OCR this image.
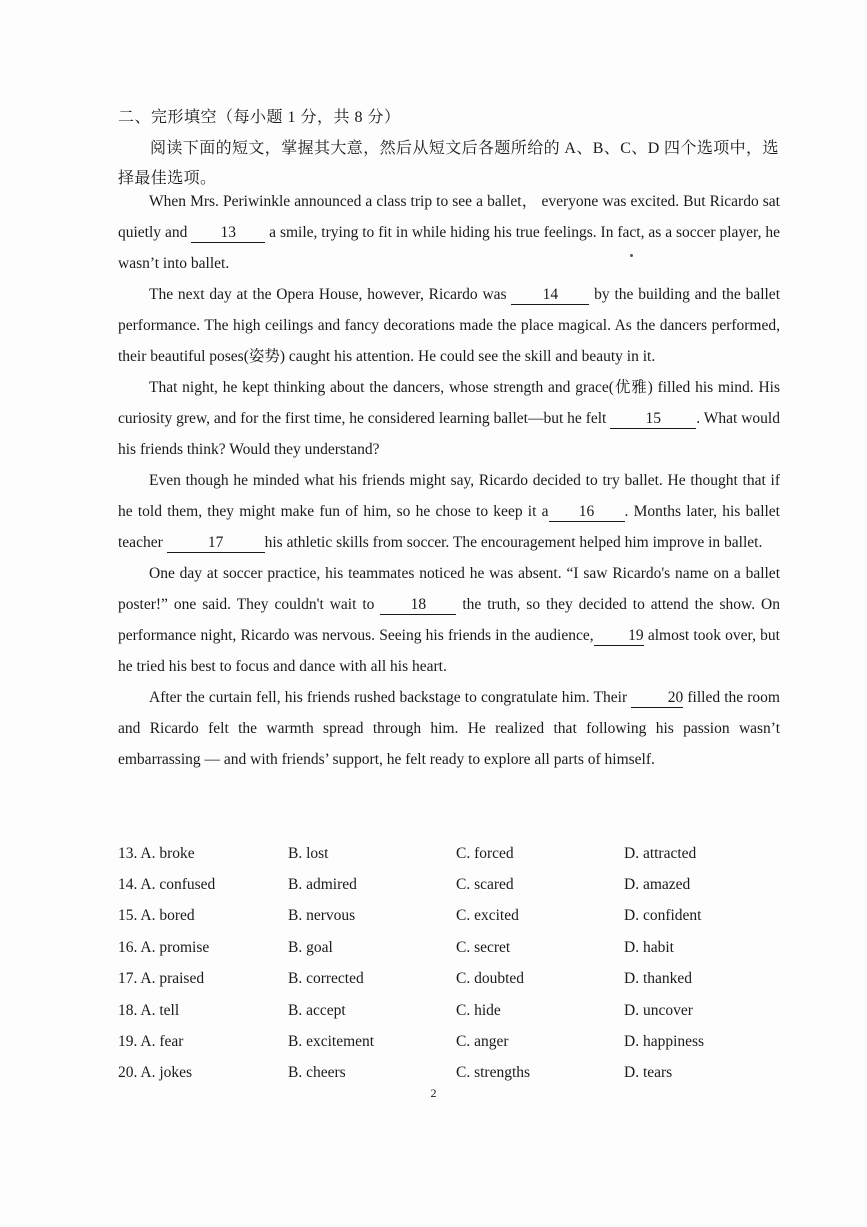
二、完形填空（每小题 1 分，共 8 分）
阅读下面的短文，掌握其大意，然后从短文后各题所给的 A、B、C、D 四个选项中，选择最佳选项。

When Mrs. Periwinkle announced a class trip to see a ballet， everyone was excited. But Ricardo sat quietly and 13 a smile, trying to fit in while hiding his true feelings. In fact, as a soccer player, he wasn’t into ballet.

The next day at the Opera House, however, Ricardo was 14 by the building and the ballet performance. The high ceilings and fancy decorations made the place magical. As the dancers performed, their beautiful poses(姿势) caught his attention. He could see the skill and beauty in it.

That night, he kept thinking about the dancers, whose strength and grace(优雅) filled his mind. His curiosity grew, and for the first time, he considered learning ballet—but he felt 15 . What would his friends think? Would they understand?

Even though he minded what his friends might say, Ricardo decided to try ballet. He thought that if he told them, they might make fun of him, so he chose to keep it a 16 . Months later, his ballet teacher	17	his athletic skills from soccer. The encouragement helped him improve in ballet.

One day at soccer practice, his teammates noticed he was absent. “I saw Ricardo's name on a ballet poster!” one said. They couldn't wait to 18 the truth, so they decided to attend the show. On performance night, Ricardo was nervous. Seeing his friends in the audience, 19 almost took over, but he tried his best to focus and dance with all his heart.

After the curtain fell, his friends rushed backstage to congratulate him. Their 20 filled the room and Ricardo felt the warmth spread through him. He realized that following his passion wasn’t embarrassing — and with friends’ support, he felt ready to explore all parts of himself.

13. A. broke	B. lost	C. forced	D. attracted
14. A. confused	B. admired	C. scared	D. amazed
15. A. bored	B. nervous	C. excited	D. confident
16. A. promise	B. goal	C. secret	D. habit
17. A. praised	B. corrected	C. doubted	D. thanked
18. A. tell	B. accept	C. hide	D. uncover
19. A. fear	B. excitement	C. anger	D. happiness
20. A. jokes	B. cheers	C. strengths	D. tears
2
